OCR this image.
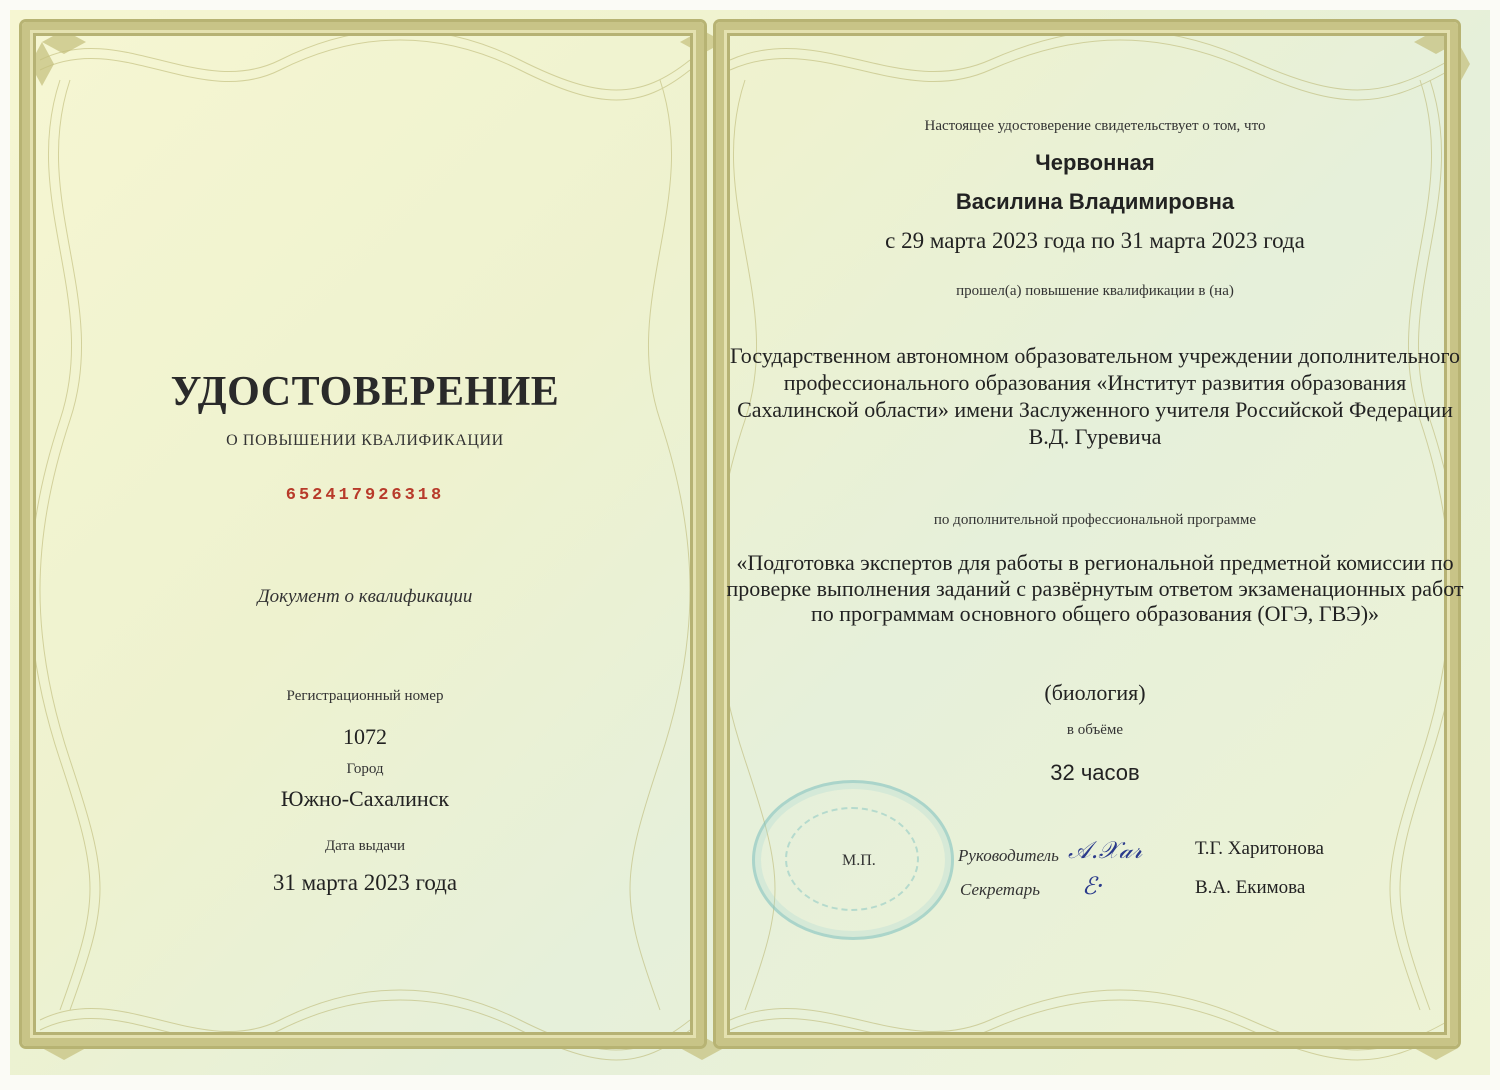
УДОСТОВЕРЕНИЕ
О ПОВЫШЕНИИ КВАЛИФИКАЦИИ
652417926318
Документ о квалификации
Регистрационный номер
1072
Город
Южно-Сахалинск
Дата выдачи
31 марта 2023 года
Настоящее удостоверение свидетельствует о том, что
Червонная
Василина Владимировна
с 29 марта 2023 года по 31 марта 2023 года
прошел(а) повышение квалификации в (на)
Государственном автономном образовательном учреждении дополнительного профессионального образования «Институт развития образования Сахалинской области» имени Заслуженного учителя Российской Федерации В.Д. Гуревича
по дополнительной профессиональной программе
«Подготовка экспертов для работы в региональной предметной комиссии по проверке выполнения заданий с развёрнутым ответом экзаменационных работ по программам основного общего образования (ОГЭ, ГВЭ)»
(биология)
в объёме
32 часов
М.П.	Руководитель 𝒜.𝒳𝒶𝓇	Т.Г. Харитонова
Секретарь ℰ·	В.А. Екимова
